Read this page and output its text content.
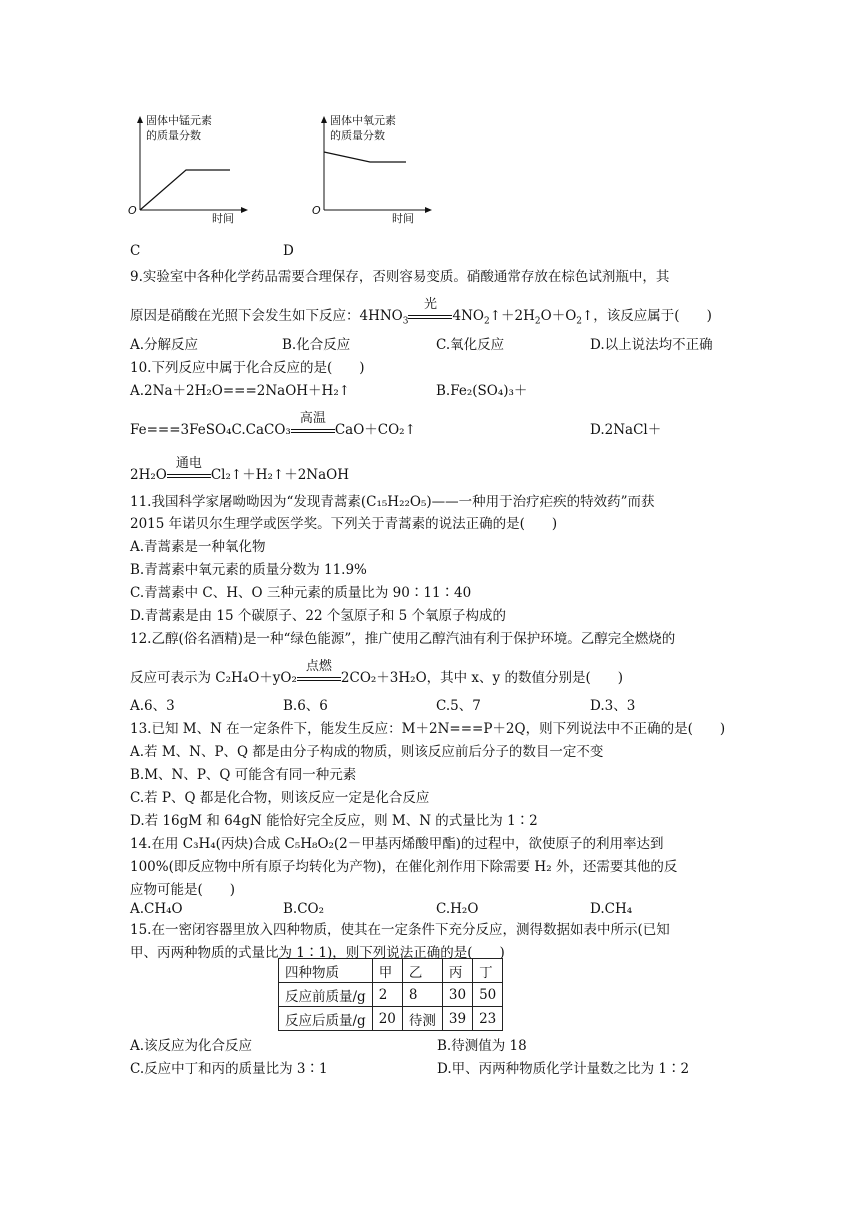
固体中锰元素
的质量分数
O
时间
C
固体中氧元素
的质量分数
O
时间
D
9.实验室中各种化学药品需要合理保存，否则容易变质。硝酸通常存放在棕色试剂瓶中，其
原因是硝酸在光照下会发生如下反应：$4HNO_3$
光
$4NO_2↑+2H_2O+O_2↑$，该反应属于(　　)
A.分解反应	B.化合反应	C.氧化反应	D.以上说法均不正确
10.下列反应中属于化合反应的是(　　)
A.2Na＋2H₂O===2NaOH＋H₂↑	B.Fe₂(SO₄)₃＋
Fe===3FeSO₄C.CaCO₃
高温
CaO＋CO₂↑	D.2NaCl＋
2H₂O
通电
Cl₂↑＋H₂↑＋2NaOH
11.我国科学家屠呦呦因为“发现青蒿素(C₁₅H₂₂O₅)——一种用于治疗疟疾的特效药”而获
2015 年诺贝尔生理学或医学奖。下列关于青蒿素的说法正确的是(　　)
A.青蒿素是一种氧化物
B.青蒿素中氧元素的质量分数为 11.9%
C.青蒿素中 C、H、O 三种元素的质量比为 90∶11∶40
D.青蒿素是由 15 个碳原子、22 个氢原子和 5 个氧原子构成的
12.乙醇(俗名酒精)是一种“绿色能源”，推广使用乙醇汽油有利于保护环境。乙醇完全燃烧的
反应可表示为 C₂H₄O＋yO₂
点燃
2CO₂＋3H₂O，其中 x、y 的数值分别是(　　)
A.6、3	B.6、6	C.5、7	D.3、3
13.已知 M、N 在一定条件下，能发生反应：M＋2N===P＋2Q，则下列说法中不正确的是(　　)
A.若 M、N、P、Q 都是由分子构成的物质，则该反应前后分子的数目一定不变
B.M、N、P、Q 可能含有同一种元素
C.若 P、Q 都是化合物，则该反应一定是化合反应
D.若 16gM 和 64gN 能恰好完全反应，则 M、N 的式量比为 1∶2
14.在用 C₃H₄(丙炔)合成 C₅H₈O₂(2－甲基丙烯酸甲酯)的过程中，欲使原子的利用率达到
100%(即反应物中所有原子均转化为产物)，在催化剂作用下除需要 H₂ 外，还需要其他的反
应物可能是(　　)
A.CH₄O	B.CO₂	C.H₂O	D.CH₄
15.在一密闭容器里放入四种物质，使其在一定条件下充分反应，测得数据如表中所示(已知
甲、丙两种物质的式量比为 1∶1)，则下列说法正确的是(　　)
四种物质	甲	乙	丙	丁
反应前质量/g	2	8	30	50
反应后质量/g	20	待测	39	23
A.该反应为化合反应	B.待测值为 18
C.反应中丁和丙的质量比为 3∶1	D.甲、丙两种物质化学计量数之比为 1∶2
